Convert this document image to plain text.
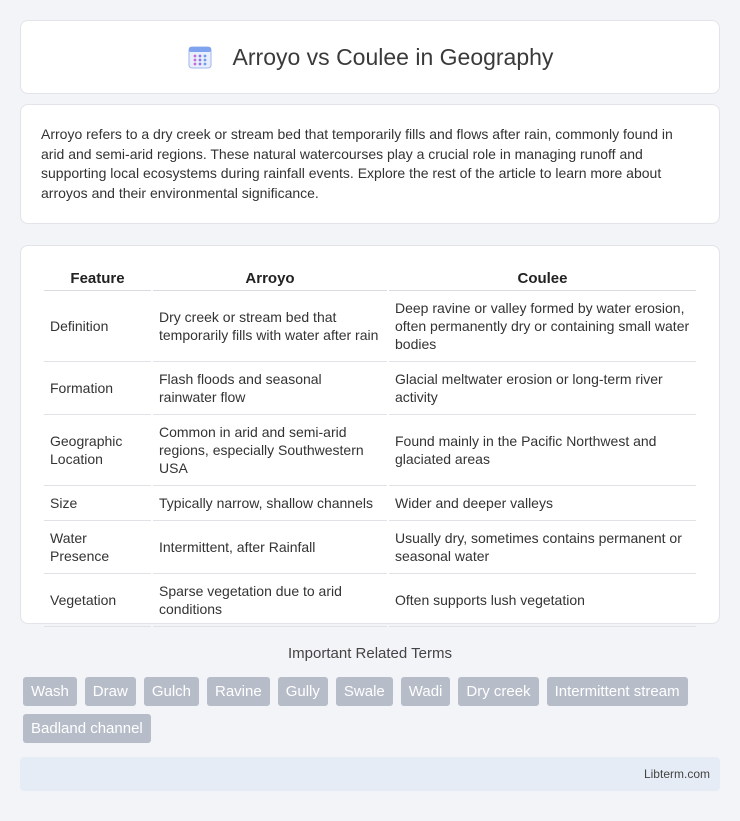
Arroyo vs Coulee in Geography

Arroyo refers to a dry creek or stream bed that temporarily fills and flows after rain, commonly found in arid and semi-arid regions. These natural watercourses play a crucial role in managing runoff and supporting local ecosystems during rainfall events. Explore the rest of the article to learn more about arroyos and their environmental significance.

Feature	Arroyo	Coulee
Definition	Dry creek or stream bed that temporarily fills with water after rain	Deep ravine or valley formed by water erosion, often permanently dry or containing small water bodies
Formation	Flash floods and seasonal rainwater flow	Glacial meltwater erosion or long-term river activity
Geographic Location	Common in arid and semi-arid regions, especially Southwestern USA	Found mainly in the Pacific Northwest and glaciated areas
Size	Typically narrow, shallow channels	Wider and deeper valleys
Water Presence	Intermittent, after Rainfall	Usually dry, sometimes contains permanent or seasonal water
Vegetation	Sparse vegetation due to arid conditions	Often supports lush vegetation
Important Related Terms
Wash	Draw	Gulch	Ravine	Gully	Swale	Wadi	Dry creek	Intermittent stream
Badland channel
Libterm.com
